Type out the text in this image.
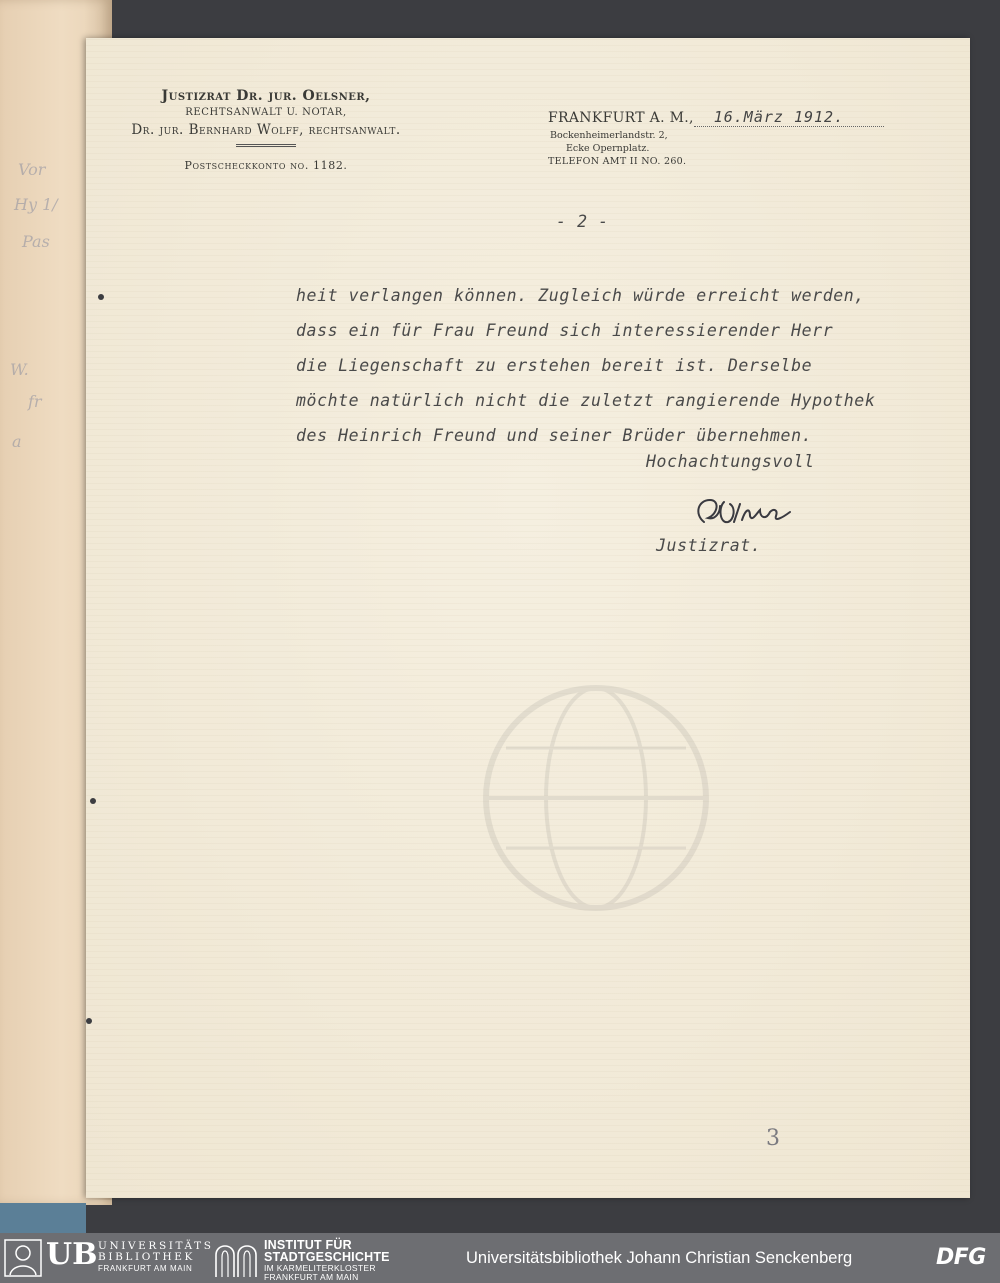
Vor
Hy 1/
Pas
W.
fr
a
Justizrat Dr. jur. Oelsner,
RECHTSANWALT U. NOTAR,
Dr. jur. Bernhard Wolff, rechtsanwalt.
Postscheckkonto no. 1182.
FRANKFURT A. M., 16.März 1912.
Bockenheimerlandstr. 2,
Ecke Opernplatz.
TELEFON AMT II NO. 260.
- 2 -
heit verlangen können. Zugleich würde erreicht werden,
dass ein für Frau Freund sich interessierender Herr
die Liegenschaft zu erstehen bereit ist. Derselbe
möchte natürlich nicht die zuletzt rangierende Hypothek
des Heinrich Freund und seiner Brüder übernehmen.
Hochachtungsvoll
Justizrat.
3
UB UNIVERSITÄTS
BIBLIOTHEK
FRANKFURT AM MAIN
INSTITUT FÜR
STADTGESCHICHTE
IM KARMELITERKLOSTER
FRANKFURT AM MAIN
Universitätsbibliothek Johann Christian Senckenberg	DFG
